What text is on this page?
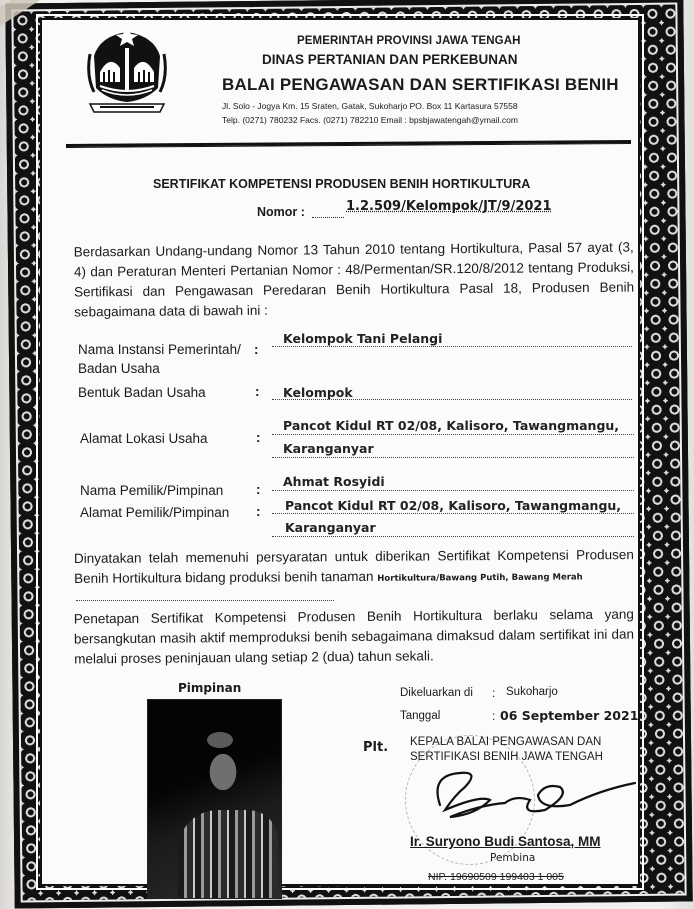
PEMERINTAH PROVINSI JAWA TENGAH
DINAS PERTANIAN DAN PERKEBUNAN
BALAI PENGAWASAN DAN SERTIFIKASI BENIH
Jl. Solo - Jogya Km. 15 Sraten, Gatak, Sukoharjo PO. Box 11 Kartasura 57558
Telp. (0271) 780232 Facs. (0271) 782210 Email : bpsbjawatengah@ymail.com
SERTIFIKAT KOMPETENSI PRODUSEN BENIH HORTIKULTURA
Nomor :	1.2.509/Kelompok/JT/9/2021
Berdasarkan Undang-undang Nomor 13 Tahun 2010 tentang Hortikultura, Pasal 57 ayat (3, 4) dan Peraturan Menteri Pertanian Nomor : 48/Permentan/SR.120/8/2012 tentang Produksi, Sertifikasi dan Pengawasan Peredaran Benih Hortikultura Pasal 18, Produsen Benih sebagaimana data di bawah ini :
Nama Instansi Pemerintah/ :
Badan Usaha
Kelompok Tani Pelangi
Bentuk Badan Usaha	: Kelompok
Alamat Lokasi Usaha	:
Pancot Kidul RT 02/08, Kalisoro, Tawangmangu,
Karanganyar
Nama Pemilik/Pimpinan :
Ahmat Rosyidi
Alamat Pemilik/Pimpinan : Pancot Kidul RT 02/08, Kalisoro, Tawangmangu,
Karanganyar
Dinyatakan telah memenuhi persyaratan untuk diberikan Sertifikat Kompetensi Produsen Benih Hortikultura bidang produksi benih tanaman Hortikultura/Bawang Putih, Bawang Merah
Penetapan Sertifikat Kompetensi Produsen Benih Hortikultura berlaku selama yang bersangkutan masih aktif memproduksi benih sebagaimana dimaksud dalam sertifikat ini dan melalui proses peninjauan ulang setiap 2 (dua) tahun sekali.
Pimpinan	Dikeluarkan di : Sukoharjo
Tanggal	: 06 September 2021
Plt. KEPALA BALAI PENGAWASAN DAN
SERTIFIKASI BENIH JAWA TENGAH
Ir. Suryono Budi Santosa, MM
Pembina
NIP. 19690509 199403 1 005
